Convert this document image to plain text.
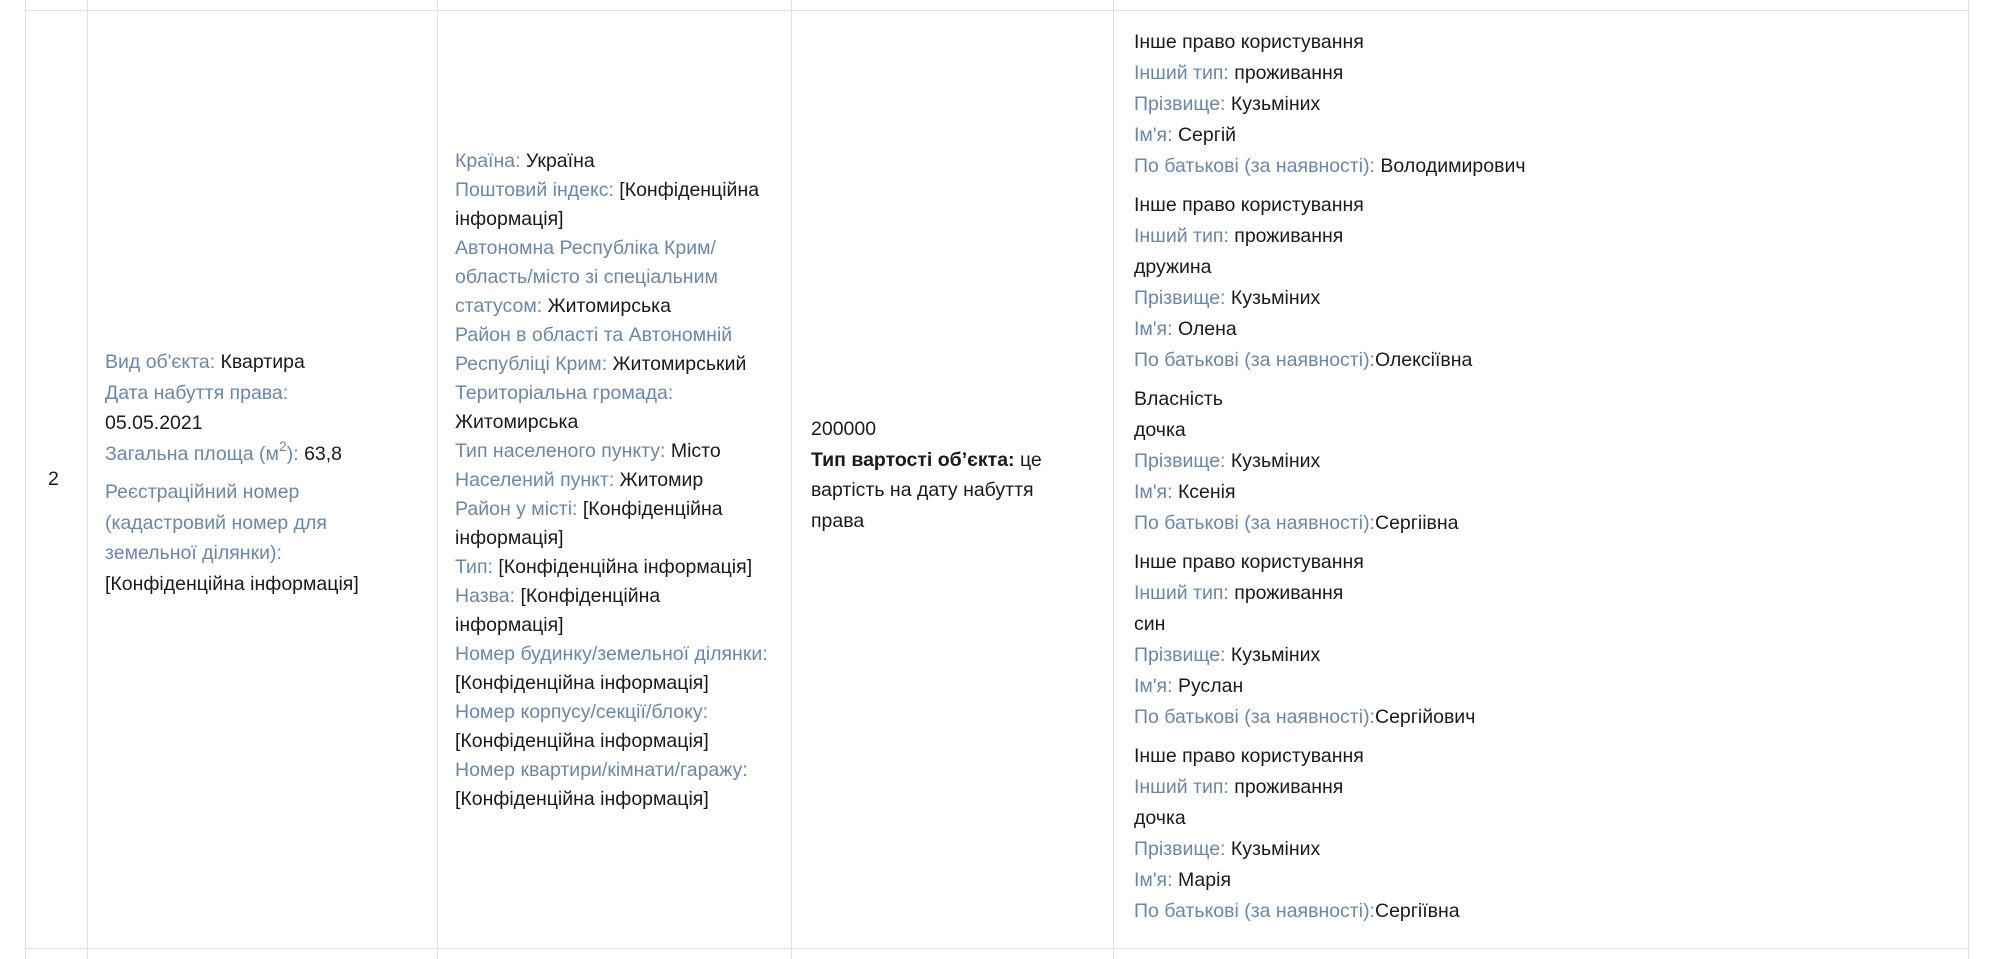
2
Вид об'єкта: Квартира
Дата набуття права:
05.05.2021
Загальна площа $(м^2)$: 63,8
Реєстраційний номер (кадастровий номер для земельної ділянки):
[Конфіденційна інформація]
Країна: Україна
Поштовий індекс: [Конфіденційна інформація]
Автономна Республіка Крим/ область/місто зі спеціальним статусом: Житомирська
Район в області та Автономній Республіці Крим: Житомирський
Територіальна громада: Житомирська
Тип населеного пункту: Місто
Населений пункт: Житомир
Район у місті: [Конфіденційна інформація]
Тип: [Конфіденційна інформація]
Назва: [Конфіденційна інформація]
Номер будинку/земельної ділянки:
[Конфіденційна інформація]
Номер корпусу/секції/блоку:
[Конфіденційна інформація]
Номер квартири/кімнати/гаражу:
[Конфіденційна інформація]
200000
Тип вартості об’єкта: це вартість на дату набуття права
Інше право користування
Інший тип: проживання
Прізвище: Кузьміних
Ім'я: Сергій
По батькові (за наявності): Володимирович
Інше право користування
Інший тип: проживання
дружина
Прізвище: Кузьміних
Ім'я: Олена
По батькові (за наявності):Олексіївна
Власність
дочка
Прізвище: Кузьміних
Ім'я: Ксенія
По батькові (за наявності):Сергіівна
Інше право користування
Інший тип: проживання
син
Прізвище: Кузьміних
Ім'я: Руслан
По батькові (за наявності):Сергійович
Інше право користування
Інший тип: проживання
дочка
Прізвище: Кузьміних
Ім'я: Марія
По батькові (за наявності):Сергіївна
